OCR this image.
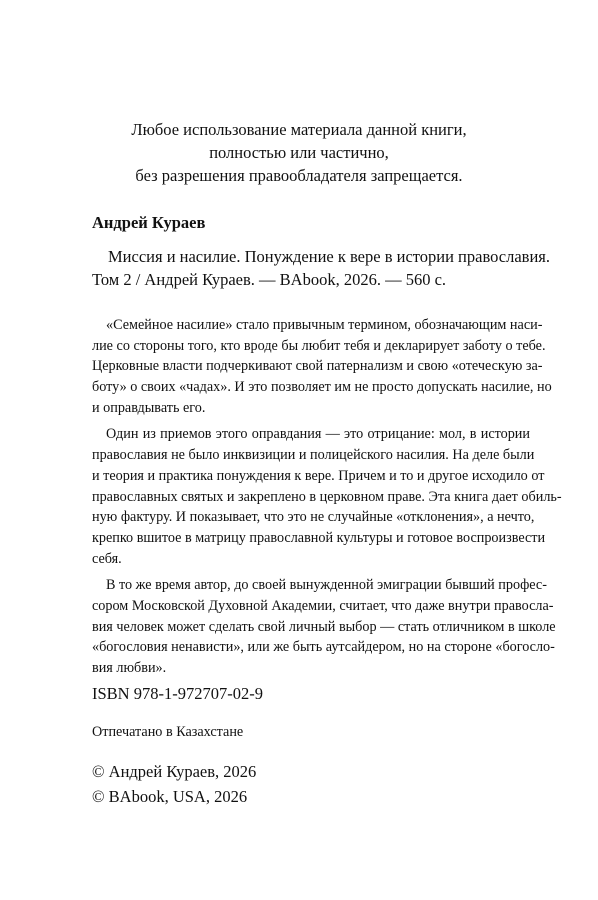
Любое использование материала данной книги,
полностью или частично,
без разрешения правообладателя запрещается.

Андрей Кураев

Миссия и насилие. Понуждение к вере в истории православия.
Том 2 / Андрей Кураев. — BAbook, 2026. — 560 с.

«Семейное насилие» стало привычным термином, обозначающим наси-
лие со стороны того, кто вроде бы любит тебя и декларирует заботу о тебе.
Церковные власти подчеркивают свой патернализм и свою «отеческую за-
боту» о своих «чадах». И это позволяет им не просто допускать насилие, но
и оправдывать его.

Один из приемов этого оправдания — это отрицание: мол, в истории
православия не было инквизиции и полицейского насилия. На деле были
и теория и практика понуждения к вере. Причем и то и другое исходило от
православных святых и закреплено в церковном праве. Эта книга дает обиль-
ную фактуру. И показывает, что это не случайные «отклонения», а нечто,
крепко вшитое в матрицу православной культуры и готовое воспроизвести
себя.

В то же время автор, до своей вынужденной эмиграции бывший профес-
сором Московской Духовной Академии, считает, что даже внутри правосла-
вия человек может сделать свой личный выбор — стать отличником в школе
«богословия ненависти», или же быть аутсайдером, но на стороне «богосло-
вия любви».

ISBN 978-1-972707-02-9

Отпечатано в Казахстане

© Андрей Кураев, 2026
© BAbook, USA, 2026
